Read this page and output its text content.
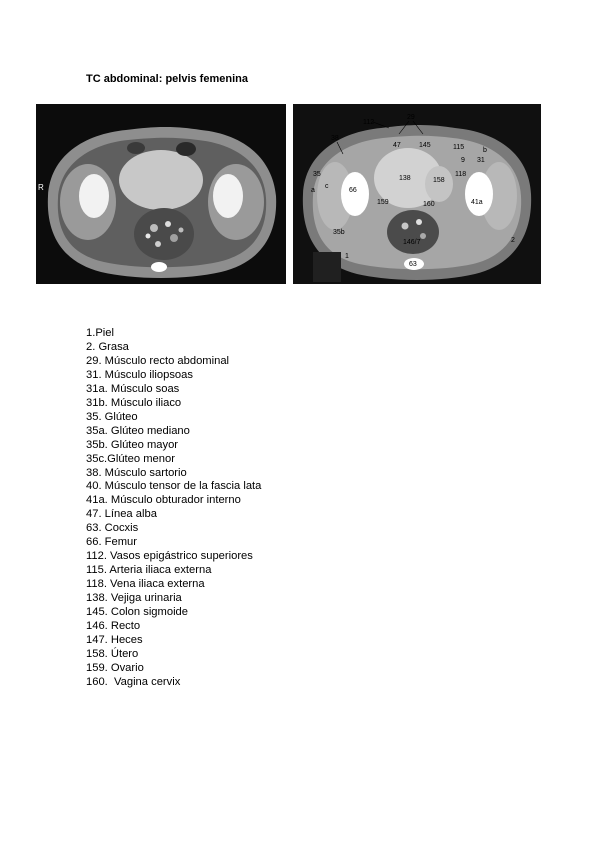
TC abdominal: pelvis femenina
R
112
29
38
47	145	115
9
b
31
35
c
a	66
138	158
118
159	160	41a
35b
146/7
1
2
63
1.Piel
2. Grasa
29. Músculo recto abdominal
31. Músculo iliopsoas
31a. Músculo soas
31b. Músculo iliaco
35. Glúteo
35a. Glúteo mediano
35b. Glúteo mayor
35c.Glúteo menor
38. Músculo sartorio
40. Músculo tensor de la fascia lata
41a. Músculo obturador interno
47. Línea alba
63. Cocxis
66. Femur
112. Vasos epigástrico superiores
115. Arteria iliaca externa
118. Vena iliaca externa
138. Vejiga urinaria
145. Colon sigmoide
146. Recto
147. Heces
158. Útero
159. Ovario
160.  Vagina cervix
